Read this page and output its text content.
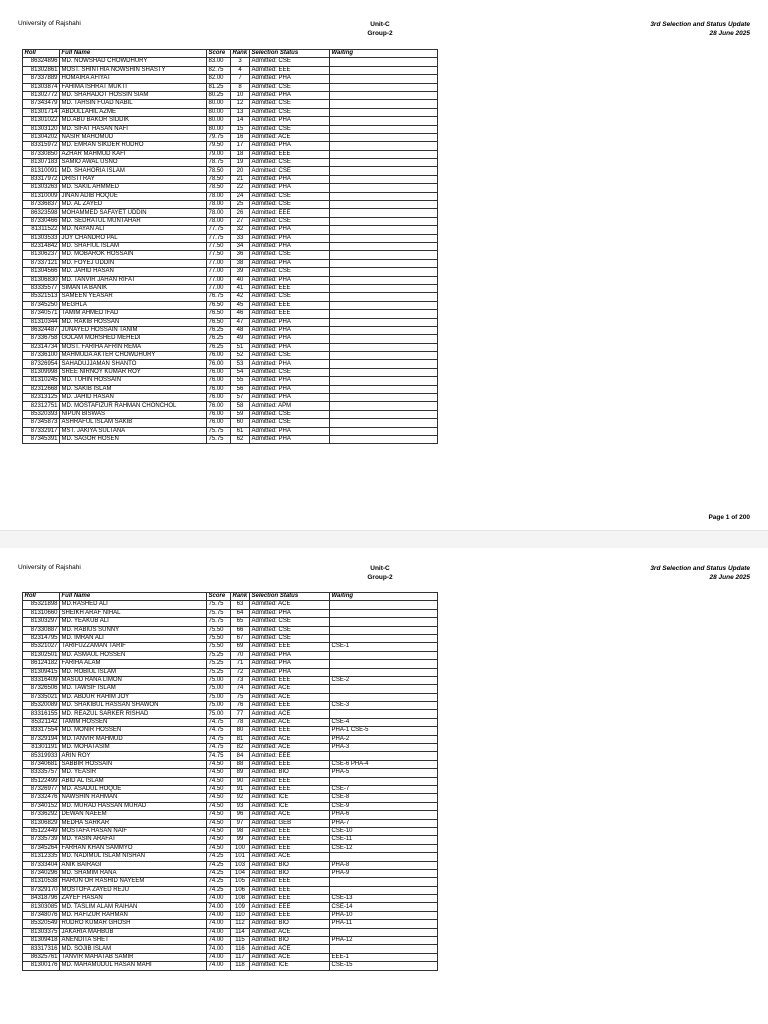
University of Rajshahi	Unit-C
Group-2
3rd Selection and Status Update
28 June 2025
Roll	Full Name	Score	Rank	Selection Status	Waiting
86324896	MD. NOWSHAD CHOWDHURY	83.00	3	Admitted: CSE	
81302861	MOST. SHINTHIA NOWSHIN SHASTY	82.75	4	Admitted: EEE	
87337889	HOMAIRA AFIYAT	82.00	7	Admitted: PHA	
81303874	FAHIMA ISHRAT MUKTI	81.25	8	Admitted: CSE	
81302772	MD. SHAHADOT HOSSIN SIAM	80.25	10	Admitted: PHA	
87343479	MD. TAHSIN FUAD NABIL	80.00	12	Admitted: CSE	
81301714	ABDULLAHIL AZME	80.00	13	Admitted: CSE	
81301022	MD.ABU BAKOR SIDDIK	80.00	14	Admitted: PHA	
81303120	MD. SIFAT HASAN NAFI	80.00	15	Admitted: CSE	
81304202	NASIR MAHOMUD	79.75	16	Admitted: ACE	
83315972	MD. EMRAN SIKDER RUDRO	79.50	17	Admitted: PHA	
87330850	AZHAR MAHMUD KAFI	79.00	18	Admitted: EEE	
81307183	SAMIO AWAL USNO	78.75	19	Admitted: CSE	
81310091	MD. SHAHORIA ISLAM	78.50	20	Admitted: CSE	
83317972	DRISTI RAY	78.50	21	Admitted: PHA	
81303263	MD. SAKIL AHMMED	78.50	22	Admitted: PHA	
81310009	JINAN ADIB HOQUE	78.00	24	Admitted: CSE	
87336837	MD. AL ZAYED	78.00	25	Admitted: CSE	
86323598	MOHAMMED SAFAYET UDDIN	78.00	26	Admitted: EEE	
87330466	MD. SEDRATUL MUNTAHAR	78.00	27	Admitted: CSE	
81311522	MD. NAYAN ALI	77.75	32	Admitted: PHA	
81303533	JOY CHANDRO PAL	77.75	33	Admitted: PHA	
82314842	MD. SHAFIUL ISLAM	77.50	34	Admitted: PHA	
81306237	MD. MOBAROK HOSSAIN	77.50	36	Admitted: CSE	
87337121	MD. FOYEJ UDDIN	77.00	38	Admitted: PHA	
81304566	MD. JAHID HASAN	77.00	39	Admitted: CSE	
81306830	MD. TANVIR JAHAN RIFAT	77.00	40	Admitted: PHA	
83335577	SIMANTA BANIK	77.00	41	Admitted: EEE	
85321513	SAMEEN YEASAR	76.75	42	Admitted: CSE	
87345250	MEGHLA	76.50	45	Admitted: EEE	
87340571	TAMIM AHMED IFAD	76.50	46	Admitted: EEE	
81310344	MD. RAKIB HOSSAN	76.50	47	Admitted: PHA	
86324487	JUNAYED HOSSAIN TANIM	76.25	48	Admitted: PHA	
87336758	GOLAM MORSHED MEHEDI	76.25	49	Admitted: PHA	
82314734	MOST. FARIHA AFRIN REMA	76.25	51	Admitted: PHA	
87336100	MAHMUDA AKTER CHOWDHURY	76.00	52	Admitted: CSE	
87326954	SAHADUJJAMAN SHANTO	76.00	53	Admitted: PHA	
81309998	SREE NIRNOY KUMAR ROY	76.00	54	Admitted: CSE	
81310245	MD. TUHIN HOSSAIN	76.00	55	Admitted: PHA	
82312668	MD. SAKIB ISLAM	76.00	56	Admitted: PHA	
82313125	MD. JAHID HASAN	76.00	57	Admitted: PHA	
82312751	MD. MOSTAFIZUR RAHMAN CHONCHOL	76.00	58	Admitted: APM	
85320393	NIPUN BISWAS	76.00	59	Admitted: CSE	
87345873	ASHRAFUL ISLAM SAKIB	76.00	60	Admitted: CSE	
87332917	MST. JAKIYA SULTANA	75.75	61	Admitted: PHA	
87345391	MD. SAGOR HOSEN	75.75	62	Admitted: PHA	
Page 1 of 200
University of Rajshahi	Unit-C
Group-2
3rd Selection and Status Update
28 June 2025
Roll	Full Name	Score	Rank	Selection Status	Waiting
85321898	MD.RASHED ALI	75.75	63	Admitted: ACE	
81310660	SHEIKH ARAF NIHAL	75.75	64	Admitted: PHA	
81303297	MD. YEAKUB ALI	75.75	65	Admitted: CSE	
87330887	MD. RABIUS SUNNY	75.50	66	Admitted: CSE	
82314795	MD. IMRAN ALI	75.50	67	Admitted: CSE	
85321027	TARIFUZZAMAN TARIF	75.50	69	Admitted: EEE	CSE-1
81302501	MD. ASMAUL HOSSEN	75.25	70	Admitted: PHA	
86124182	FARIHA ALAM	75.25	71	Admitted: PHA	
81309415	MD. ROBIUL ISLAM	75.25	72	Admitted: PHA	
83316409	MASUD RANA LIMON	75.00	73	Admitted: EEE	CSE-2
87326506	MD. TAWSIF ISLAM	75.00	74	Admitted: ACE	
87335021	MD. ABDUR RAHIM JOY	75.00	75	Admitted: ACE	
85320089	MD. SHAKIBUL HASSAN SHAWON	75.00	76	Admitted: EEE	CSE-3
83316155	MD. REAZUL SARKER RISHAD	75.00	77	Admitted: ACE	
85321142	TAMIM HOSSEN	74.75	78	Admitted: ACE	CSE-4
83317554	MD. MONIR HOSSEN	74.75	80	Admitted: EEE	PHA-1 CSE-5
87329194	MD.TANVIR MAHMUD	74.75	81	Admitted: ACE	PHA-2
81301191	MD. MOHATASIM	74.75	82	Admitted: ACE	PHA-3
85319933	ARIN ROY	74.75	84	Admitted: EEE	
87340681	SABBIR HOSSAIN	74.50	88	Admitted: EEE	CSE-6 PHA-4
83335757	MD. YEASIR	74.50	89	Admitted: BIO	PHA-5
85122499	ABID AL ISLAM	74.50	90	Admitted: EEE	
87326977	MD. ASADUL HOQUE	74.50	91	Admitted: EEE	CSE-7
87332476	NAWSHIN RAHMAN	74.50	92	Admitted: ICE	CSE-8
87340152	MD. MURAD HASSAN MURAD	74.50	93	Admitted: ICE	CSE-9
87336292	DEWAN NAEEM	74.50	96	Admitted: ACE	PHA-6
81306829	MEDHA SARKAR	74.50	97	Admitted: GEB	PHA-7
85122449	MOSTAFA HASAN NAIF	74.50	98	Admitted: EEE	CSE-10
87335739	MD. YASIN ARAFAT	74.50	99	Admitted: EEE	CSE-11
87345264	FARHAN KHAN SAMMYO	74.50	100	Admitted: EEE	CSE-12
81312335	MD. NADIMUL ISLAM NISHAN	74.25	101	Admitted: ACE	
87333404	ANIK BAIRAGI	74.25	103	Admitted: BIO	PHA-8
87340296	MD. SHAMIM RANA	74.25	104	Admitted: BIO	PHA-9
81310538	HARUN OR RASHID NAYEEM	74.25	105	Admitted: EEE	
87329170	MOSTOFA ZAYED REJU	74.25	106	Admitted: EEE	
84318796	ZAYEF HASAN	74.00	108	Admitted: EEE	CSE-13
81303085	MD. TASLIM ALAM RAIHAN	74.00	109	Admitted: EEE	CSE-14
87348076	MD. HAFIZUR RAHMAN	74.00	110	Admitted: EEE	PHA-10
85320549	RUDRO KUMAR GHOSH	74.00	112	Admitted: BIO	PHA-11
81303375	JAKARIA MAHBUB	74.00	114	Admitted: ACE	
81309418	ANENDITA SHET	74.00	115	Admitted: BIO	PHA-12
83317316	MD. SOJIB ISLAM	74.00	116	Admitted: ACE	
86325761	TANVIR MAHATAB SAMIR	74.00	117	Admitted: ACE	EEE-1
81300176	MD. MAHAMUDUL HASAN MAHI	74.00	118	Admitted: ICE	CSE-15
